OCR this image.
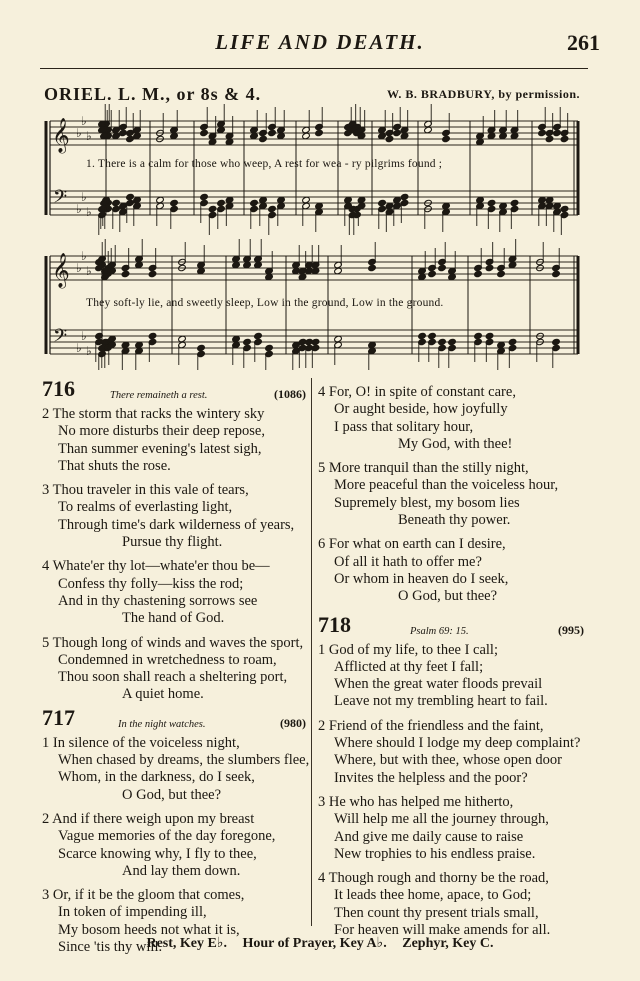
LIFE AND DEATH.	261
ORIEL. L. M., or 8s & 4.	W. B. BRADBURY, by permission.
𝄞
𝄢
♭
♭
♭
♭
♭
♭
𝄞
𝄢
♭
♭
♭
♭
♭
♭
1. There is a calm for those who weep, A rest for wea - ry pilgrims found ;
They soft-ly lie, and sweetly sleep, Low in the ground, Low in the ground.
716	There remaineth a rest.	(1086)
2 The storm that racks the wintery sky
No more disturbs their deep repose,
Than summer evening's latest sigh,
That shuts the rose.
3 Thou traveler in this vale of tears,
To realms of everlasting light,
Through time's dark wilderness of years,
Pursue thy flight.
4 Whate'er thy lot—whate'er thou be—
Confess thy folly—kiss the rod;
And in thy chastening sorrows see
The hand of God.
5 Though long of winds and waves the sport,
Condemned in wretchedness to roam,
Thou soon shall reach a sheltering port,
A quiet home.
717	In the night watches.	(980)
1 In silence of the voiceless night,
When chased by dreams, the slumbers flee,
Whom, in the darkness, do I seek,
O God, but thee?
2 And if there weigh upon my breast
Vague memories of the day foregone,
Scarce knowing why, I fly to thee,
And lay them down.
3 Or, if it be the gloom that comes,
In token of impending ill,
My bosom heeds not what it is,
Since 'tis thy will.
4 For, O! in spite of constant care,
Or aught beside, how joyfully
I pass that solitary hour,
My God, with thee!
5 More tranquil than the stilly night,
More peaceful than the voiceless hour,
Supremely blest, my bosom lies
Beneath thy power.
6 For what on earth can I desire,
Of all it hath to offer me?
Or whom in heaven do I seek,
O God, but thee?
718	Psalm 69: 15.	(995)
1 God of my life, to thee I call;
Afflicted at thy feet I fall;
When the great water floods prevail
Leave not my trembling heart to fail.
2 Friend of the friendless and the faint,
Where should I lodge my deep complaint?
Where, but with thee, whose open door
Invites the helpless and the poor?
3 He who has helped me hitherto,
Will help me all the journey through,
And give me daily cause to raise
New trophies to his endless praise.
4 Though rough and thorny be the road,
It leads thee home, apace, to God;
Then count thy present trials small,
For heaven will make amends for all.
Rest, Key E♭. Hour of Prayer, Key A♭. Zephyr, Key C.
